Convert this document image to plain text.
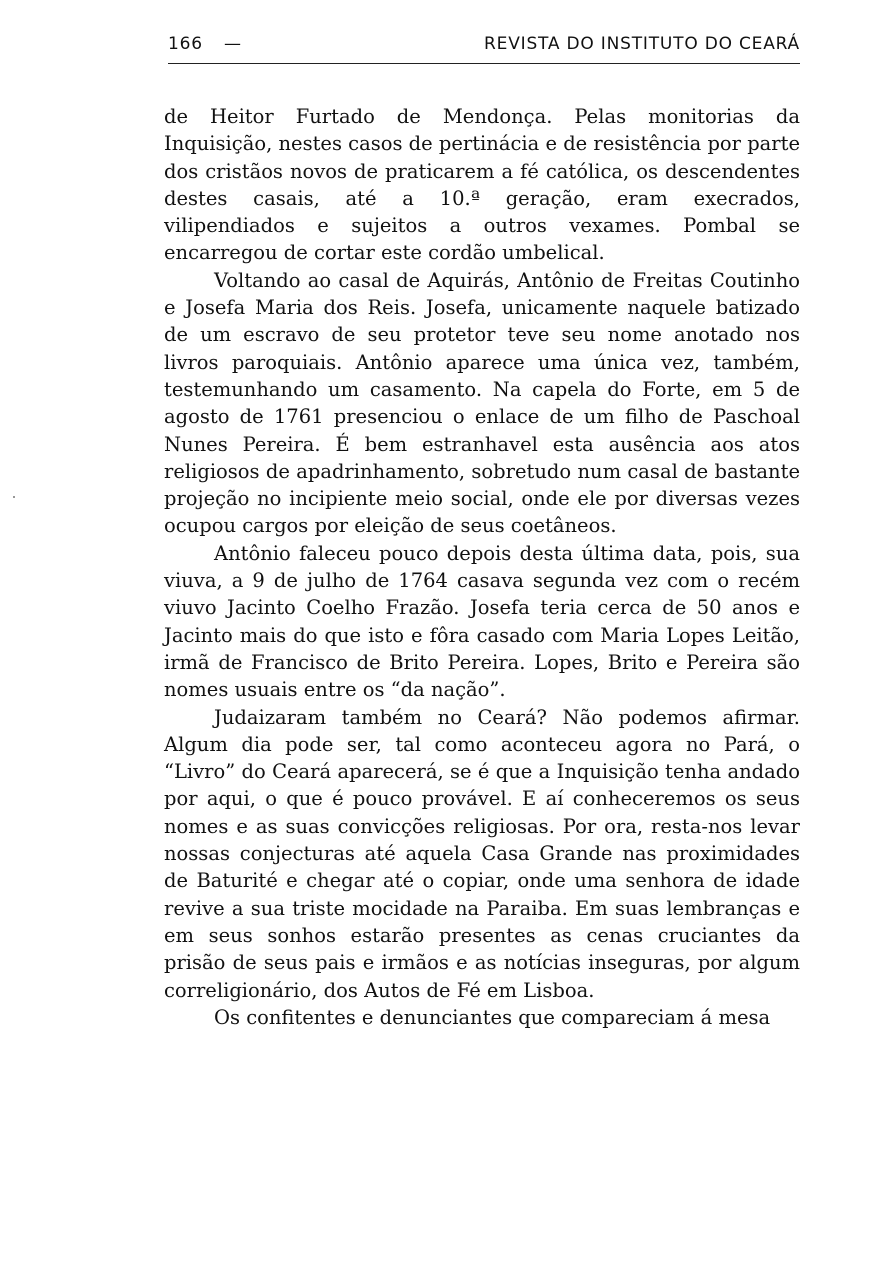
166 —	REVISTA DO INSTITUTO DO CEARÁ

de Heitor Furtado de Mendonça. Pelas monitorias da Inquisição, nestes casos de pertinácia e de resistência por parte dos cristãos novos de praticarem a fé católica, os descendentes destes casais, até a 10.ª geração, eram execrados, vilipendiados e sujeitos a outros vexames. Pombal se encarregou de cortar este cordão umbelical.

Voltando ao casal de Aquirás, Antônio de Freitas Coutinho e Josefa Maria dos Reis. Josefa, unicamente naquele batizado de um escravo de seu protetor teve seu nome anotado nos livros paroquiais. Antônio aparece uma única vez, também, testemunhando um casamento. Na capela do Forte, em 5 de agosto de 1761 presenciou o enlace de um filho de Paschoal Nunes Pereira. É bem estranhavel esta ausência aos atos religiosos de apadrinhamento, sobretudo num casal de bastante projeção no incipiente meio social, onde ele por diversas vezes ocupou cargos por eleição de seus coetâneos.

Antônio faleceu pouco depois desta última data, pois, sua viuva, a 9 de julho de 1764 casava segunda vez com o recém viuvo Jacinto Coelho Frazão. Josefa teria cerca de 50 anos e Jacinto mais do que isto e fôra casado com Maria Lopes Leitão, irmã de Francisco de Brito Pereira. Lopes, Brito e Pereira são nomes usuais entre os “da nação”.

Judaizaram também no Ceará? Não podemos afirmar. Algum dia pode ser, tal como aconteceu agora no Pará, o “Livro” do Ceará aparecerá, se é que a Inquisição tenha andado por aqui, o que é pouco provável. E aí conheceremos os seus nomes e as suas convicções religiosas. Por ora, resta-nos levar nossas conjecturas até aquela Casa Grande nas proximidades de Baturité e chegar até o copiar, onde uma senhora de idade revive a sua triste mocidade na Paraiba. Em suas lembranças e em seus sonhos estarão presentes as cenas cruciantes da prisão de seus pais e irmãos e as notícias inseguras, por algum correligionário, dos Autos de Fé em Lisboa.

Os confitentes e denunciantes que compareciam á mesa
